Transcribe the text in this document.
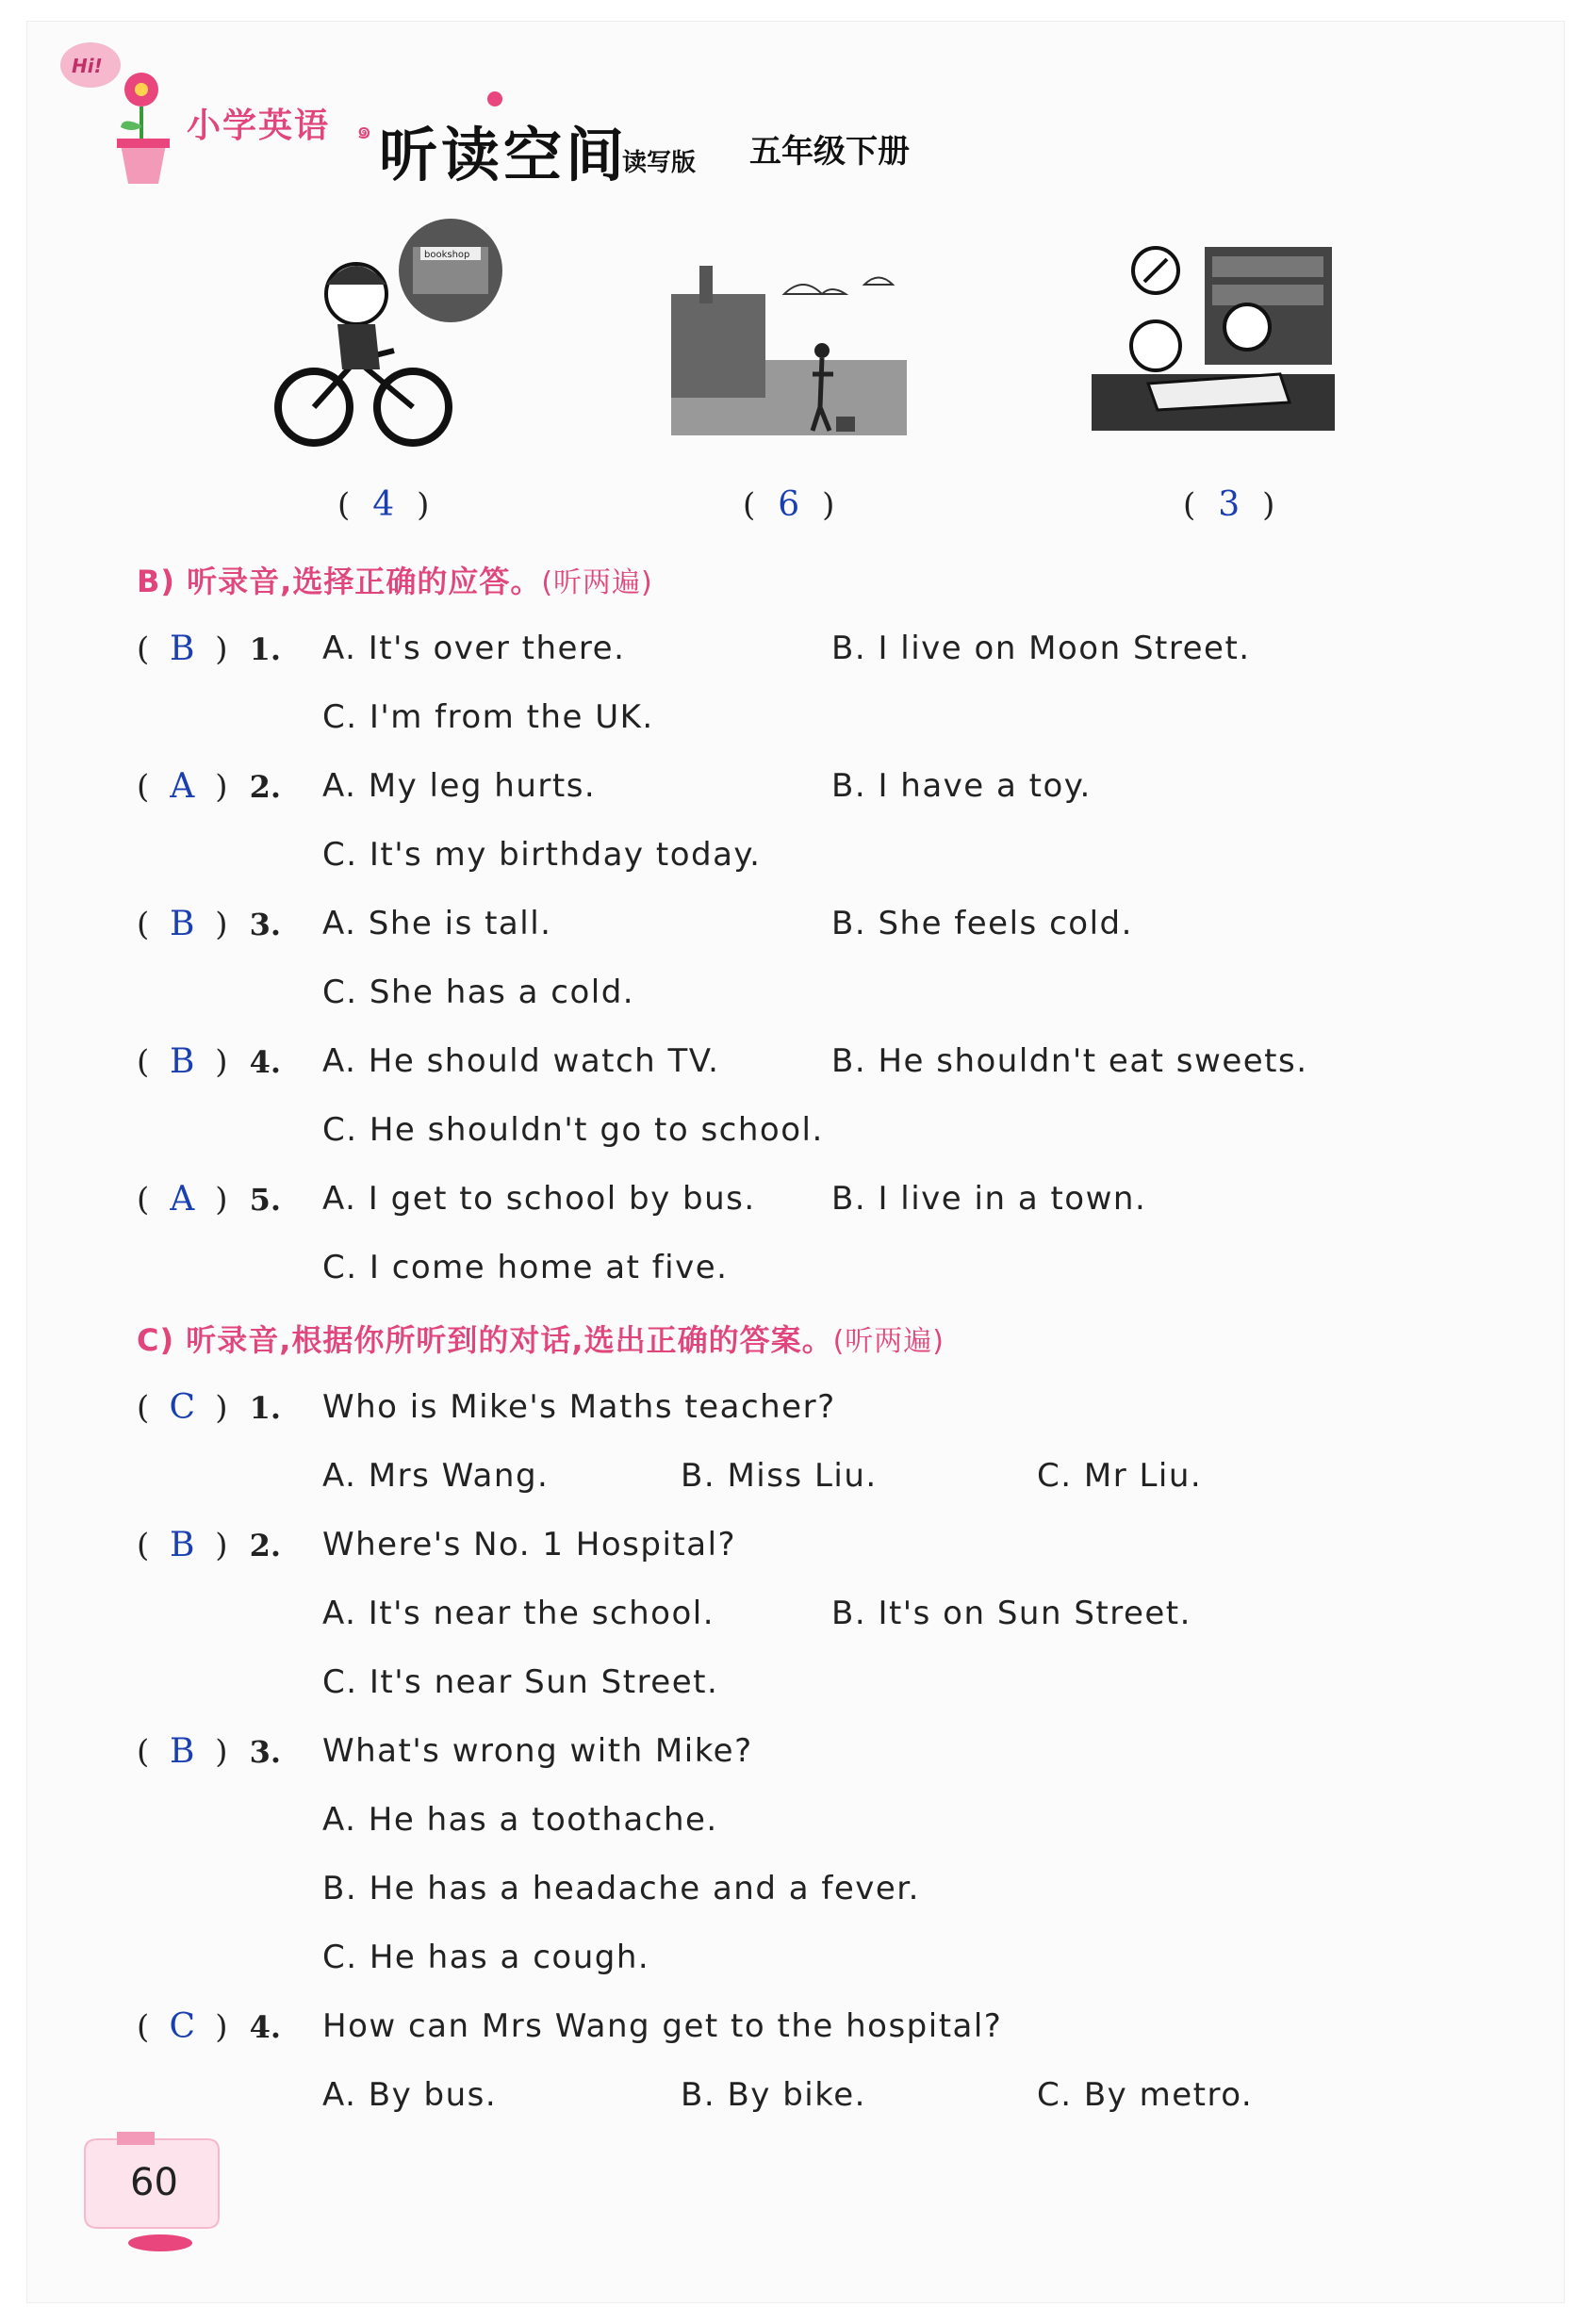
Hi!
小学英语 ๑ 听读空间
读写版 五年级下册
bookshop
( 4 )	( 6 )	( 3 )
B) 听录音,选择正确的应答。(听两遍)
( B ) 1. A. It's over there.	B. I live on Moon Street.
C. I'm from the UK.
( A ) 2. A. My leg hurts.	B. I have a toy.
C. It's my birthday today.
( B ) 3. A. She is tall.	B. She feels cold.
C. She has a cold.
( B ) 4. A. He should watch TV.	B. He shouldn't eat sweets.
C. He shouldn't go to school.
( A ) 5. A. I get to school by bus. B. I live in a town.
C. I come home at five.
C) 听录音,根据你所听到的对话,选出正确的答案。(听两遍)
( C ) 1. Who is Mike's Maths teacher?
A. Mrs Wang.	B. Miss Liu.	C. Mr Liu.
( B ) 2. Where's No. 1 Hospital?
A. It's near the school.	B. It's on Sun Street.
C. It's near Sun Street.
( B ) 3. What's wrong with Mike?
A. He has a toothache.
B. He has a headache and a fever.
C. He has a cough.
( C ) 4. How can Mrs Wang get to the hospital?
A. By bus.	B. By bike.	C. By metro.
60
